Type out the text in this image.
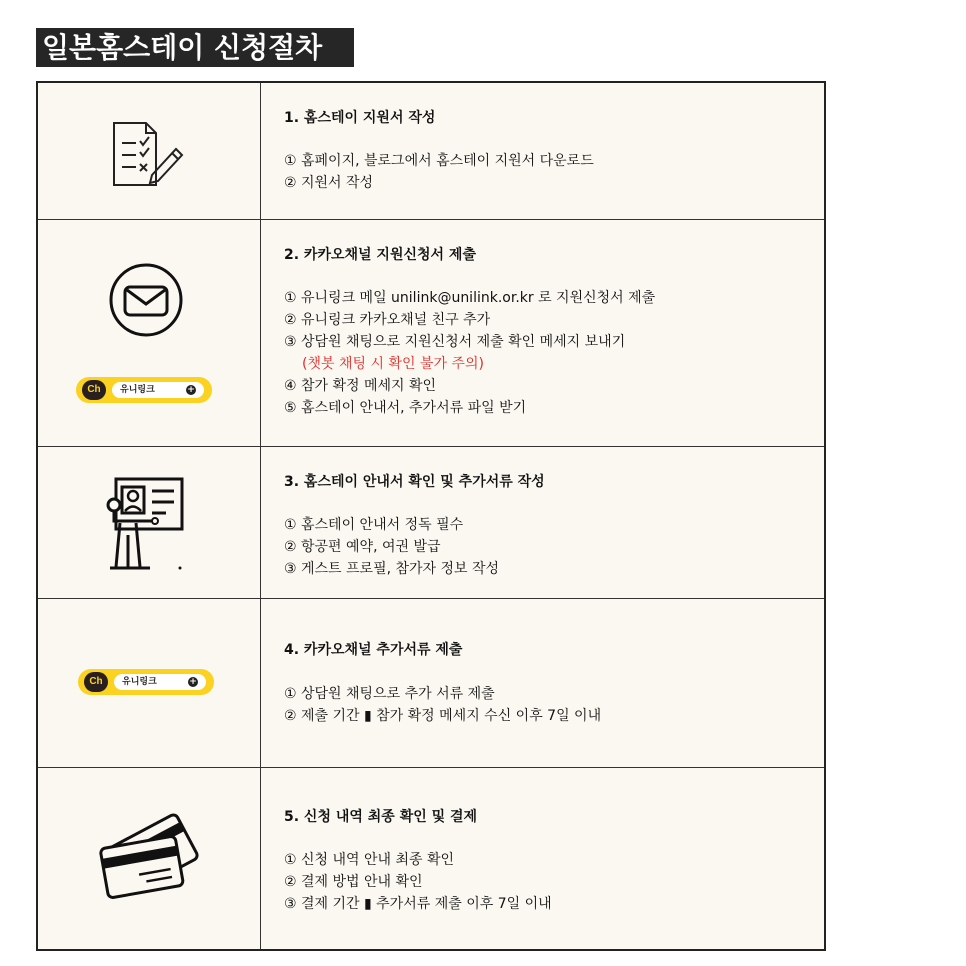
일본홈스테이 신청절차
1. 홈스테이 지원서 작성
① 홈페이지, 블로그에서 홈스테이 지원서 다운로드
② 지원서 작성
Ch	유니링크	+
2. 카카오채널 지원신청서 제출
① 유니링크 메일 unilink@unilink.or.kr 로 지원신청서 제출
② 유니링크 카카오채널 친구 추가
③ 상담원 채팅으로 지원신청서 제출 확인 메세지 보내기
(챗봇 채팅 시 확인 불가 주의)
④ 참가 확정 메세지 확인
⑤ 홈스테이 안내서, 추가서류 파일 받기
3. 홈스테이 안내서 확인 및 추가서류 작성
① 홈스테이 안내서 정독 필수
② 항공편 예약, 여권 발급
③ 게스트 프로필, 참가자 정보 작성
Ch	유니링크	+
4. 카카오채널 추가서류 제출
① 상담원 채팅으로 추가 서류 제출
② 제출 기간 ▮ 참가 확정 메세지 수신 이후 7일 이내
5. 신청 내역 최종 확인 및 결제
① 신청 내역 안내 최종 확인
② 결제 방법 안내 확인
③ 결제 기간 ▮ 추가서류 제출 이후 7일 이내
